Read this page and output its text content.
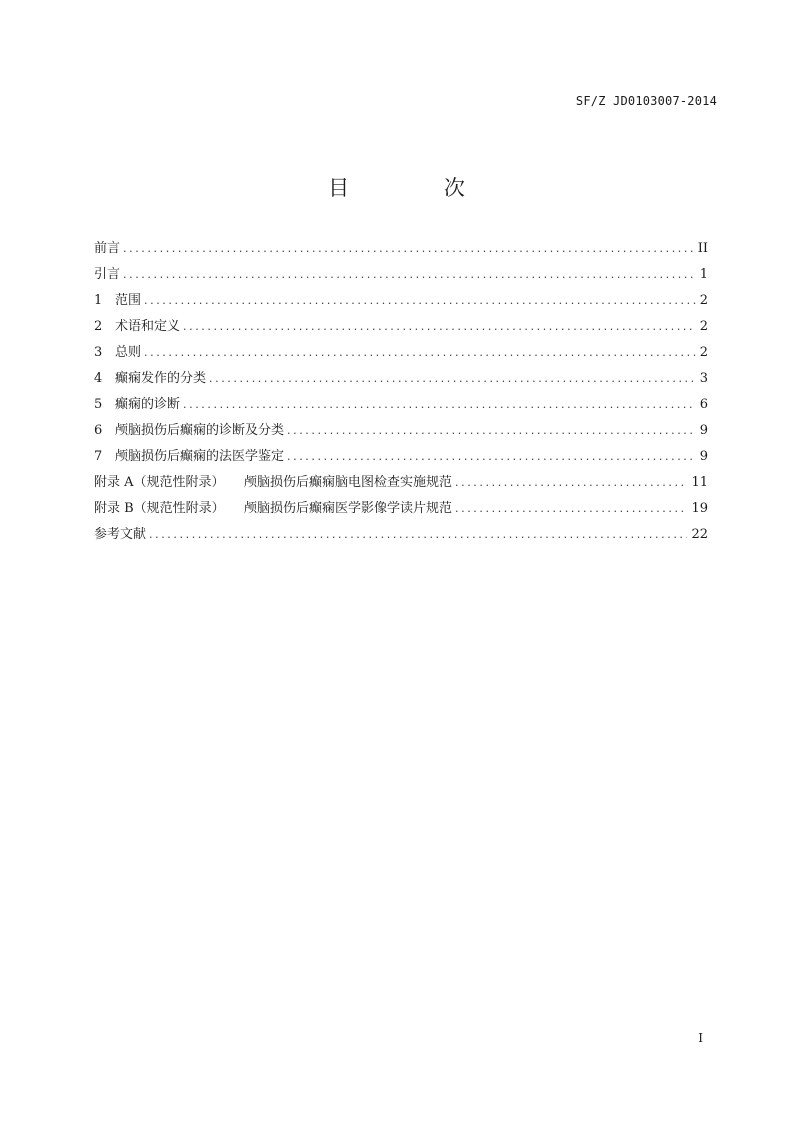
SF/Z JD0103007-2014
目 次
前言 .....	II
引言 .....	1
1 范围 .....	2
2 术语和定义 .....	2
3 总则 .....	2
4 癫痫发作的分类 .....	3
5 癫痫的诊断 .....	6
6 颅脑损伤后癫痫的诊断及分类 .....	9
7 颅脑损伤后癫痫的法医学鉴定 .....	9
附录 A（规范性附录） 颅脑损伤后癫痫脑电图检查实施规范 .....	11
附录 B（规范性附录） 颅脑损伤后癫痫医学影像学读片规范 .....	19
参考文献 .....	22
I
